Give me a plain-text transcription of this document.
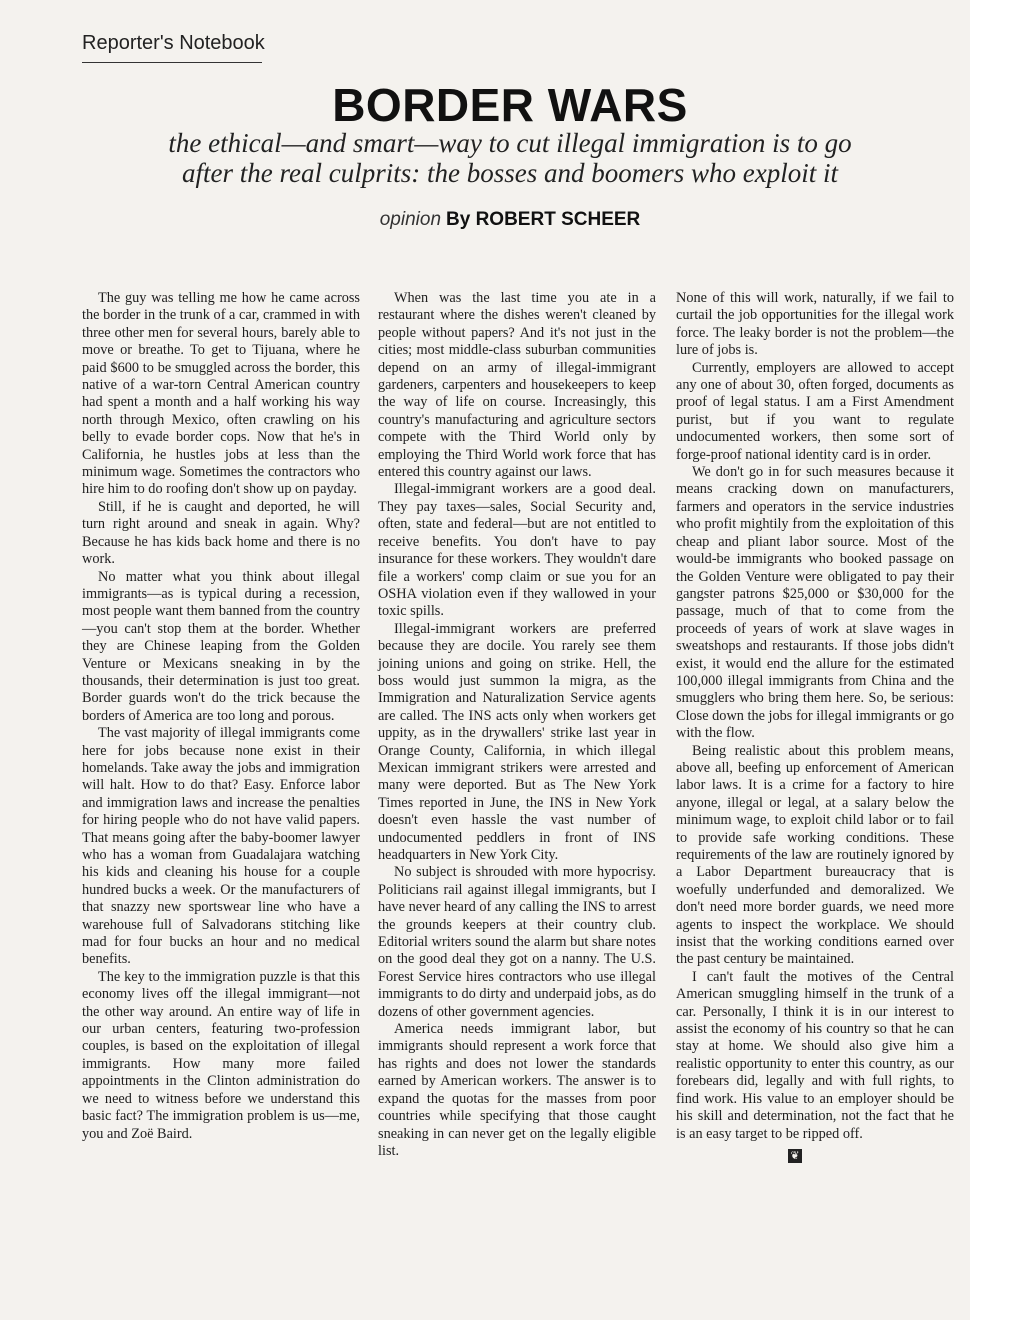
Reporter's Notebook
BORDER WARS
the ethical—and smart—way to cut illegal immigration is to go after the real culprits: the bosses and boomers who exploit it
opinion By ROBERT SCHEER

The guy was telling me how he came across the border in the trunk of a car, crammed in with three other men for several hours, barely able to move or breathe. To get to Tijuana, where he paid $600 to be smuggled across the border, this native of a war-torn Central American country had spent a month and a half working his way north through Mexico, often crawling on his belly to evade border cops. Now that he's in California, he hustles jobs at less than the minimum wage. Sometimes the contractors who hire him to do roofing don't show up on payday.

Still, if he is caught and deported, he will turn right around and sneak in again. Why? Because he has kids back home and there is no work.

No matter what you think about illegal immigrants—as is typical during a recession, most people want them banned from the country—you can't stop them at the border. Whether they are Chinese leaping from the Golden Venture or Mexicans sneaking in by the thousands, their determination is just too great. Border guards won't do the trick because the borders of America are too long and porous.

The vast majority of illegal immigrants come here for jobs because none exist in their homelands. Take away the jobs and immigration will halt. How to do that? Easy. Enforce labor and immigration laws and increase the penalties for hiring people who do not have valid papers. That means going after the baby-boomer lawyer who has a woman from Guadalajara watching his kids and cleaning his house for a couple hundred bucks a week. Or the manufacturers of that snazzy new sportswear line who have a warehouse full of Salvadorans stitching like mad for four bucks an hour and no medical benefits.

The key to the immigration puzzle is that this economy lives off the illegal immigrant—not the other way around. An entire way of life in our urban centers, featuring two-profession couples, is based on the exploitation of illegal immigrants. How many more failed appointments in the Clinton administration do we need to witness before we understand this basic fact? The immigration problem is us—me, you and Zoë Baird.

When was the last time you ate in a restaurant where the dishes weren't cleaned by people without papers? And it's not just in the cities; most middle-class suburban communities depend on an army of illegal-immigrant gardeners, carpenters and housekeepers to keep the way of life on course. Increasingly, this country's manufacturing and agriculture sectors compete with the Third World only by employing the Third World work force that has entered this country against our laws.

Illegal-immigrant workers are a good deal. They pay taxes—sales, Social Security and, often, state and federal—but are not entitled to receive benefits. You don't have to pay insurance for these workers. They wouldn't dare file a workers' comp claim or sue you for an OSHA violation even if they wallowed in your toxic spills.

Illegal-immigrant workers are preferred because they are docile. You rarely see them joining unions and going on strike. Hell, the boss would just summon la migra, as the Immigration and Naturalization Service agents are called. The INS acts only when workers get uppity, as in the drywallers' strike last year in Orange County, California, in which illegal Mexican immigrant strikers were arrested and many were deported. But as The New York Times reported in June, the INS in New York doesn't even hassle the vast number of undocumented peddlers in front of INS headquarters in New York City.

No subject is shrouded with more hypocrisy. Politicians rail against illegal immigrants, but I have never heard of any calling the INS to arrest the grounds keepers at their country club. Editorial writers sound the alarm but share notes on the good deal they got on a nanny. The U.S. Forest Service hires contractors who use illegal immigrants to do dirty and underpaid jobs, as do dozens of other government agencies.

America needs immigrant labor, but immigrants should represent a work force that has rights and does not lower the standards earned by American workers. The answer is to expand the quotas for the masses from poor countries while specifying that those caught sneaking in can never get on the legally eligible list.

None of this will work, naturally, if we fail to curtail the job opportunities for the illegal work force. The leaky border is not the problem—the lure of jobs is.

Currently, employers are allowed to accept any one of about 30, often forged, documents as proof of legal status. I am a First Amendment purist, but if you want to regulate undocumented workers, then some sort of forge-proof national identity card is in order.

We don't go in for such measures because it means cracking down on manufacturers, farmers and operators in the service industries who profit mightily from the exploitation of this cheap and pliant labor source. Most of the would-be immigrants who booked passage on the Golden Venture were obligated to pay their gangster patrons $25,000 or $30,000 for the passage, much of that to come from the proceeds of years of work at slave wages in sweatshops and restaurants. If those jobs didn't exist, it would end the allure for the estimated 100,000 illegal immigrants from China and the smugglers who bring them here. So, be serious: Close down the jobs for illegal immigrants or go with the flow.

Being realistic about this problem means, above all, beefing up enforcement of American labor laws. It is a crime for a factory to hire anyone, illegal or legal, at a salary below the minimum wage, to exploit child labor or to fail to provide safe working conditions. These requirements of the law are routinely ignored by a Labor Department bureaucracy that is woefully underfunded and demoralized. We don't need more border guards, we need more agents to inspect the workplace. We should insist that the working conditions earned over the past century be maintained.

I can't fault the motives of the Central American smuggling himself in the trunk of a car. Personally, I think it is in our interest to assist the economy of his country so that he can stay at home. We should also give him a realistic opportunity to enter this country, as our forebears did, legally and with full rights, to find work. His value to an employer should be his skill and determination, not the fact that he is an easy target to be ripped off.

❦
